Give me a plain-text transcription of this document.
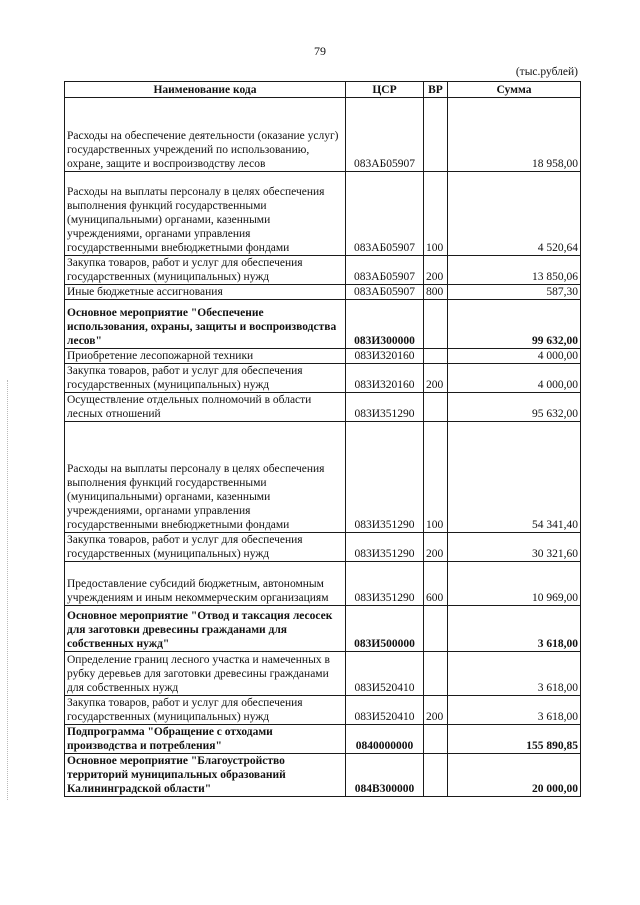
79
(тыс.рублей)
Наименование кода	ЦСР	ВР	Сумма
Расходы на обеспечение деятельности (оказание услуг) государственных учреждений по использованию, охране, защите и воспроизводству лесов	083АБ05907		18 958,00
Расходы на выплаты персоналу в целях обеспечения выполнения функций государственными (муниципальными) органами, казенными учреждениями, органами управления государственными внебюджетными фондами	083АБ05907	100	4 520,64
Закупка товаров, работ и услуг для обеспечения государственных (муниципальных) нужд	083АБ05907	200	13 850,06
Иные бюджетные ассигнования	083АБ05907	800	587,30
Основное мероприятие "Обеспечение использования, охраны, защиты и воспроизводства лесов"	083И300000		99 632,00
Приобретение лесопожарной техники	083И320160		4 000,00
Закупка товаров, работ и услуг для обеспечения государственных (муниципальных) нужд	083И320160	200	4 000,00
Осуществление отдельных полномочий в области лесных отношений	083И351290		95 632,00
Расходы на выплаты персоналу в целях обеспечения выполнения функций государственными (муниципальными) органами, казенными учреждениями, органами управления государственными внебюджетными фондами	083И351290	100	54 341,40
Закупка товаров, работ и услуг для обеспечения государственных (муниципальных) нужд	083И351290	200	30 321,60
Предоставление субсидий бюджетным, автономным учреждениям и иным некоммерческим организациям	083И351290	600	10 969,00
Основное мероприятие "Отвод и таксация лесосек для заготовки древесины гражданами для собственных нужд"	083И500000		3 618,00
Определение границ лесного участка и намеченных в рубку деревьев для заготовки древесины гражданами для собственных нужд	083И520410		3 618,00
Закупка товаров, работ и услуг для обеспечения государственных (муниципальных) нужд	083И520410	200	3 618,00
Подпрограмма "Обращение с отходами производства и потребления"	0840000000		155 890,85
Основное мероприятие "Благоустройство территорий муниципальных образований Калининградской области"	084В300000		20 000,00
